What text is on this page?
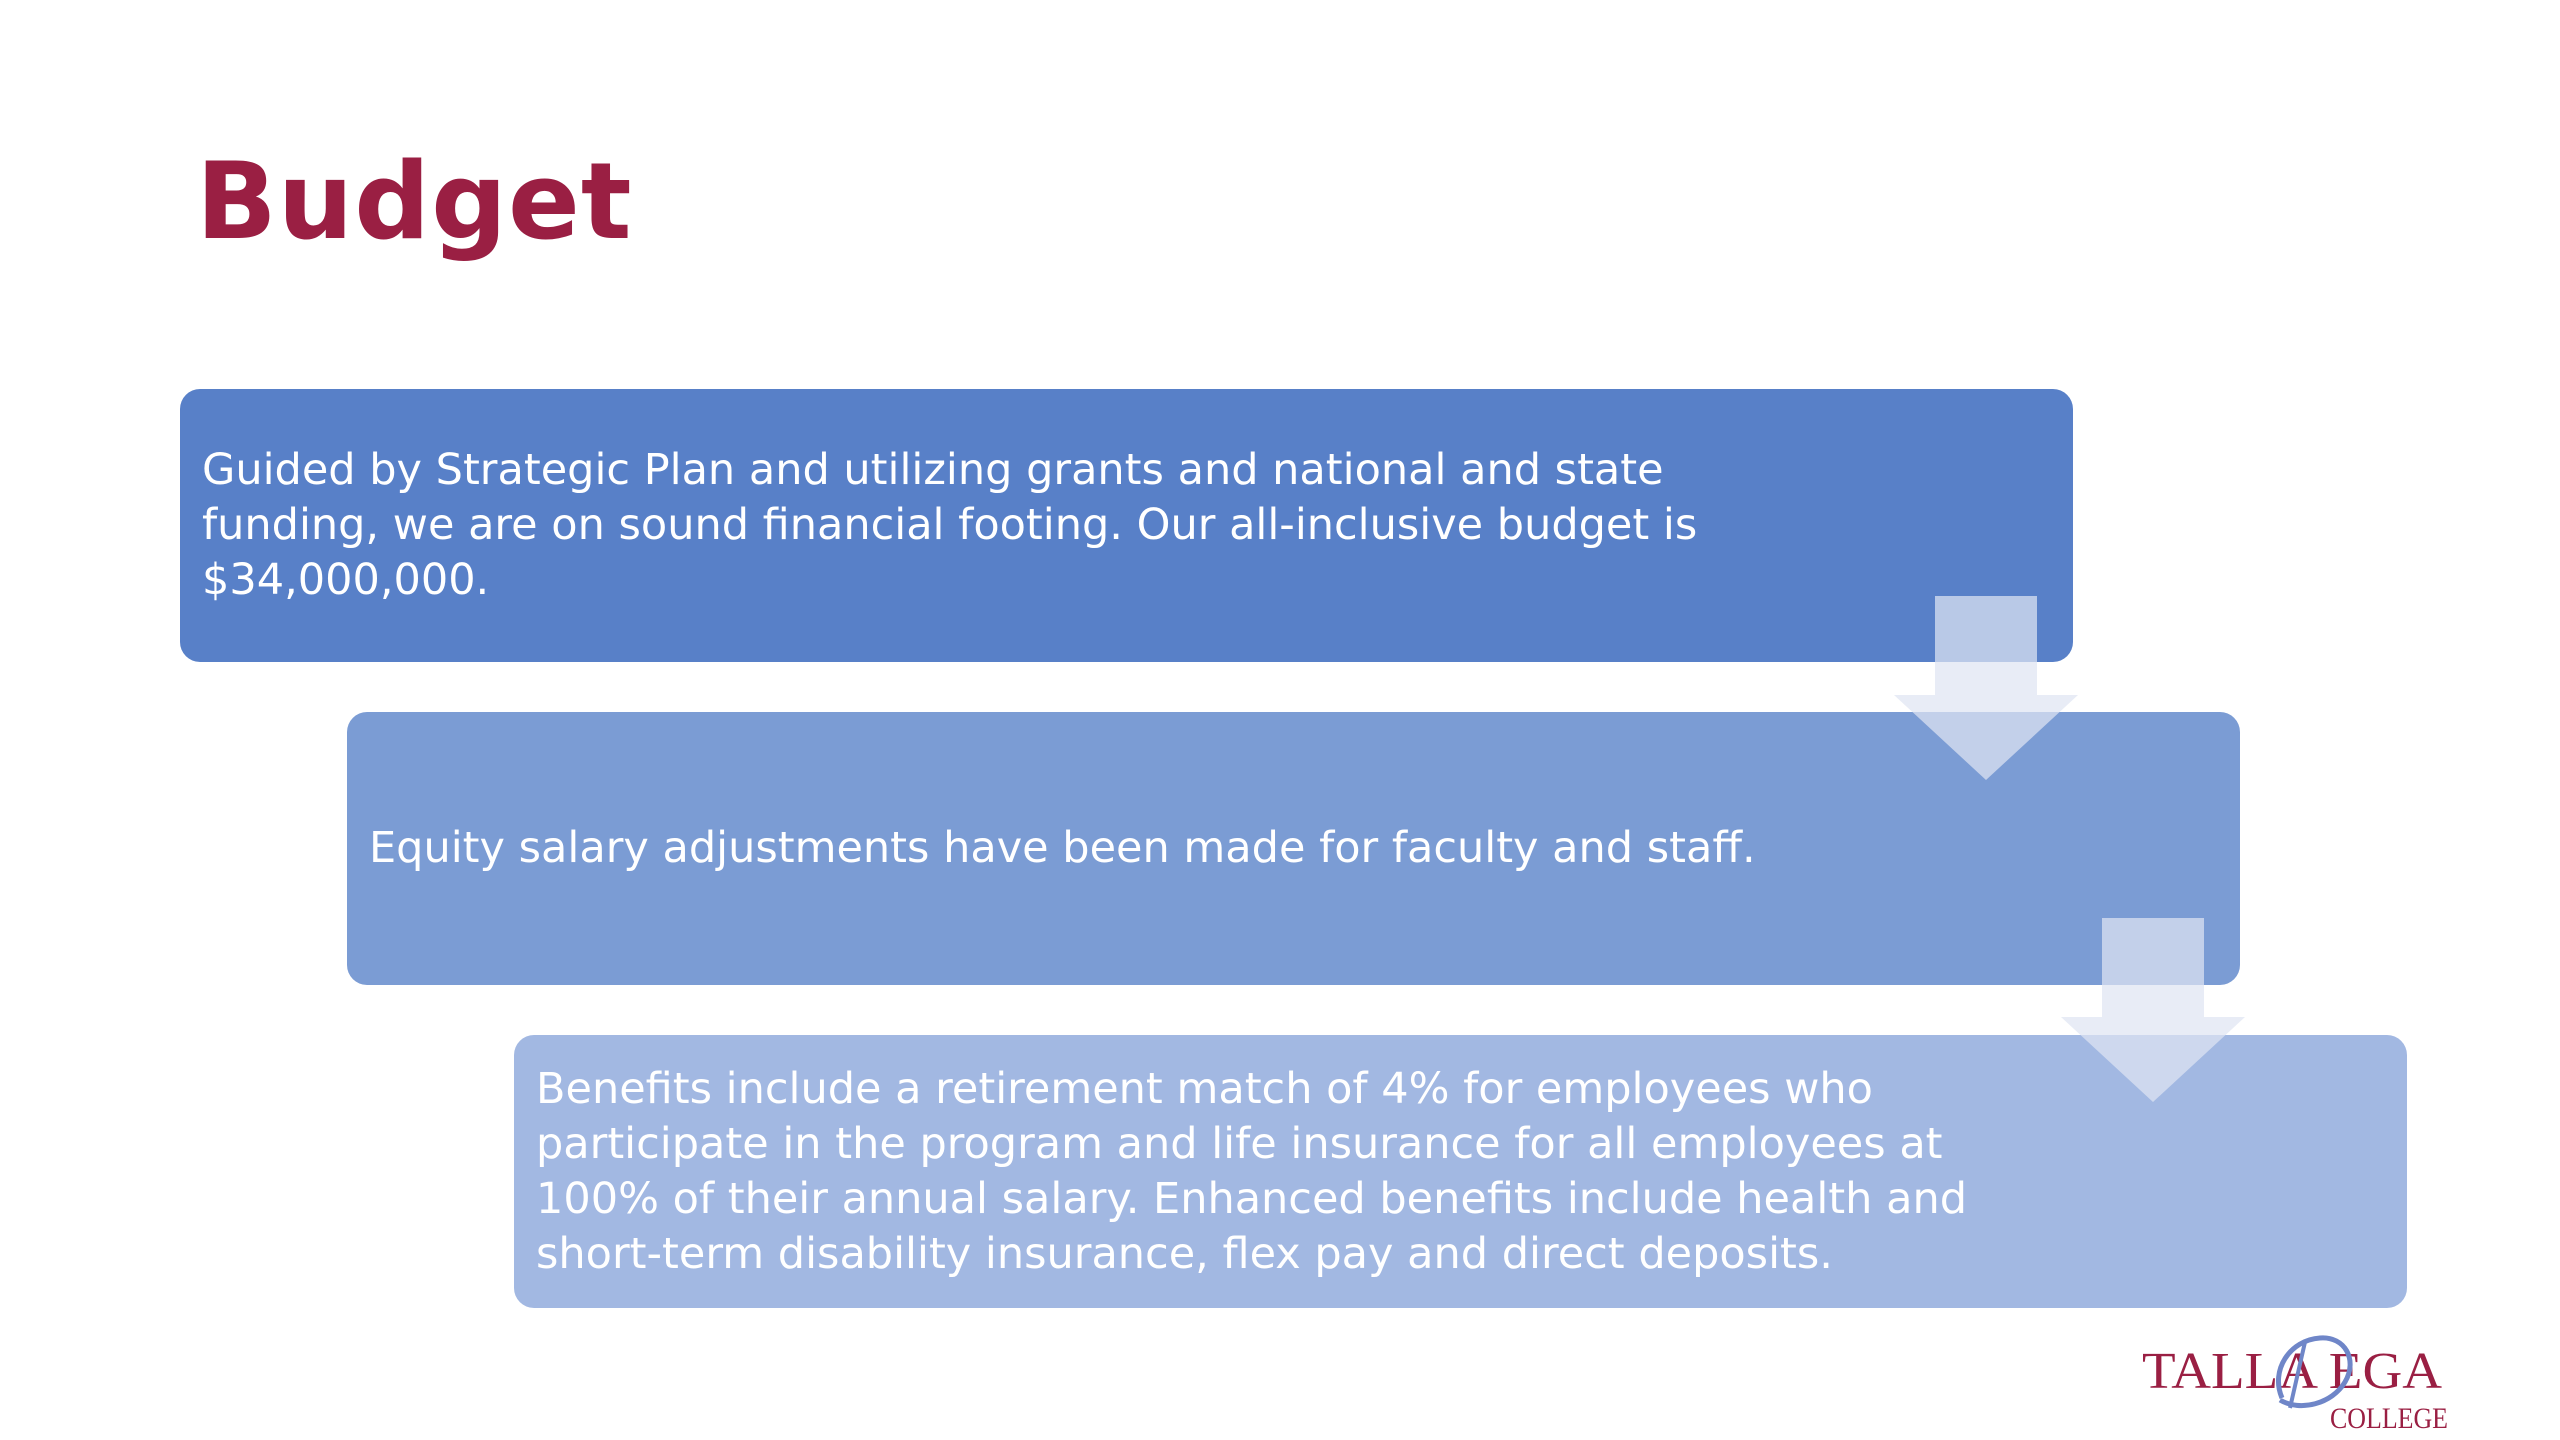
Budget
Guided by Strategic Plan and utilizing grants and national and state funding, we are on sound financial footing. Our all-inclusive budget is $34,000,000.
Equity salary adjustments have been made for faculty and staff.
Benefits include a retirement match of 4% for employees who participate in the program and life insurance for all employees at 100% of their annual salary. Enhanced benefits include health and short-term disability insurance, flex pay and direct deposits.
TALLA EGA
COLLEGE
